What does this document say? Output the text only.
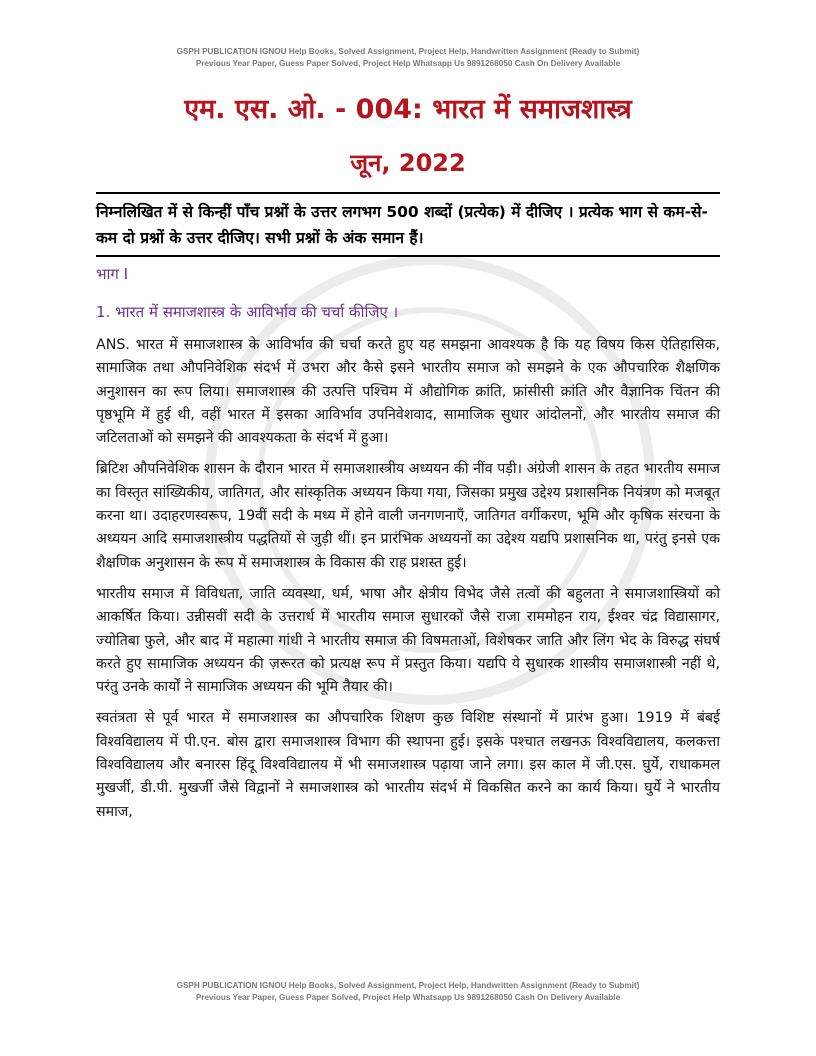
GSPH PUBLICATION IGNOU Help Books, Solved Assignment, Project Help, Handwritten Assignment (Ready to Submit)
Previous Year Paper, Guess Paper Solved, Project Help Whatsapp Us 9891268050 Cash On Delivery Available
एम. एस. ओ. - 004: भारत में समाजशास्त्र
जून, 2022
निम्नलिखित में से किन्हीं पाँच प्रश्नों के उत्तर लगभग 500 शब्दों (प्रत्येक) में दीजिए । प्रत्येक भाग से कम-से-कम दो प्रश्नों के उत्तर दीजिए। सभी प्रश्नों के अंक समान हैं।
भाग I
1. भारत में समाजशास्त्र के आविर्भाव की चर्चा कीजिए ।

ANS. भारत में समाजशास्त्र के आविर्भाव की चर्चा करते हुए यह समझना आवश्यक है कि यह विषय किस ऐतिहासिक, सामाजिक तथा औपनिवेशिक संदर्भ में उभरा और कैसे इसने भारतीय समाज को समझने के एक औपचारिक शैक्षणिक अनुशासन का रूप लिया। समाजशास्त्र की उत्पत्ति पश्चिम में औद्योगिक क्रांति, फ्रांसीसी क्रांति और वैज्ञानिक चिंतन की पृष्ठभूमि में हुई थी, वहीं भारत में इसका आविर्भाव उपनिवेशवाद, सामाजिक सुधार आंदोलनों, और भारतीय समाज की जटिलताओं को समझने की आवश्यकता के संदर्भ में हुआ।

ब्रिटिश औपनिवेशिक शासन के दौरान भारत में समाजशास्त्रीय अध्ययन की नींव पड़ी। अंग्रेजी शासन के तहत भारतीय समाज का विस्तृत सांख्यिकीय, जातिगत, और सांस्कृतिक अध्ययन किया गया, जिसका प्रमुख उद्देश्य प्रशासनिक नियंत्रण को मजबूत करना था। उदाहरणस्वरूप, 19वीं सदी के मध्य में होने वाली जनगणनाएँ, जातिगत वर्गीकरण, भूमि और कृषिक संरचना के अध्ययन आदि समाजशास्त्रीय पद्धतियों से जुड़ी थीं। इन प्रारंभिक अध्ययनों का उद्देश्य यद्यपि प्रशासनिक था, परंतु इनसे एक शैक्षणिक अनुशासन के रूप में समाजशास्त्र के विकास की राह प्रशस्त हुई।

भारतीय समाज में विविधता, जाति व्यवस्था, धर्म, भाषा और क्षेत्रीय विभेद जैसे तत्वों की बहुलता ने समाजशास्त्रियों को आकर्षित किया। उन्नीसवीं सदी के उत्तरार्ध में भारतीय समाज सुधारकों जैसे राजा राममोहन राय, ईश्वर चंद्र विद्यासागर, ज्योतिबा फुले, और बाद में महात्मा गांधी ने भारतीय समाज की विषमताओं, विशेषकर जाति और लिंग भेद के विरुद्ध संघर्ष करते हुए सामाजिक अध्ययन की ज़रूरत को प्रत्यक्ष रूप में प्रस्तुत किया। यद्यपि ये सुधारक शास्त्रीय समाजशास्त्री नहीं थे, परंतु उनके कार्यों ने सामाजिक अध्ययन की भूमि तैयार की।

स्वतंत्रता से पूर्व भारत में समाजशास्त्र का औपचारिक शिक्षण कुछ विशिष्ट संस्थानों में प्रारंभ हुआ। 1919 में बंबई विश्वविद्यालय में पी.एन. बोस द्वारा समाजशास्त्र विभाग की स्थापना हुई। इसके पश्चात लखनऊ विश्वविद्यालय, कलकत्ता विश्वविद्यालय और बनारस हिंदू विश्वविद्यालय में भी समाजशास्त्र पढ़ाया जाने लगा। इस काल में जी.एस. घुर्ये, राधाकमल मुखर्जी, डी.पी. मुखर्जी जैसे विद्वानों ने समाजशास्त्र को भारतीय संदर्भ में विकसित करने का कार्य किया। घुर्ये ने भारतीय समाज,

GSPH PUBLICATION IGNOU Help Books, Solved Assignment, Project Help, Handwritten Assignment (Ready to Submit)
Previous Year Paper, Guess Paper Solved, Project Help Whatsapp Us 9891268050 Cash On Delivery Available
